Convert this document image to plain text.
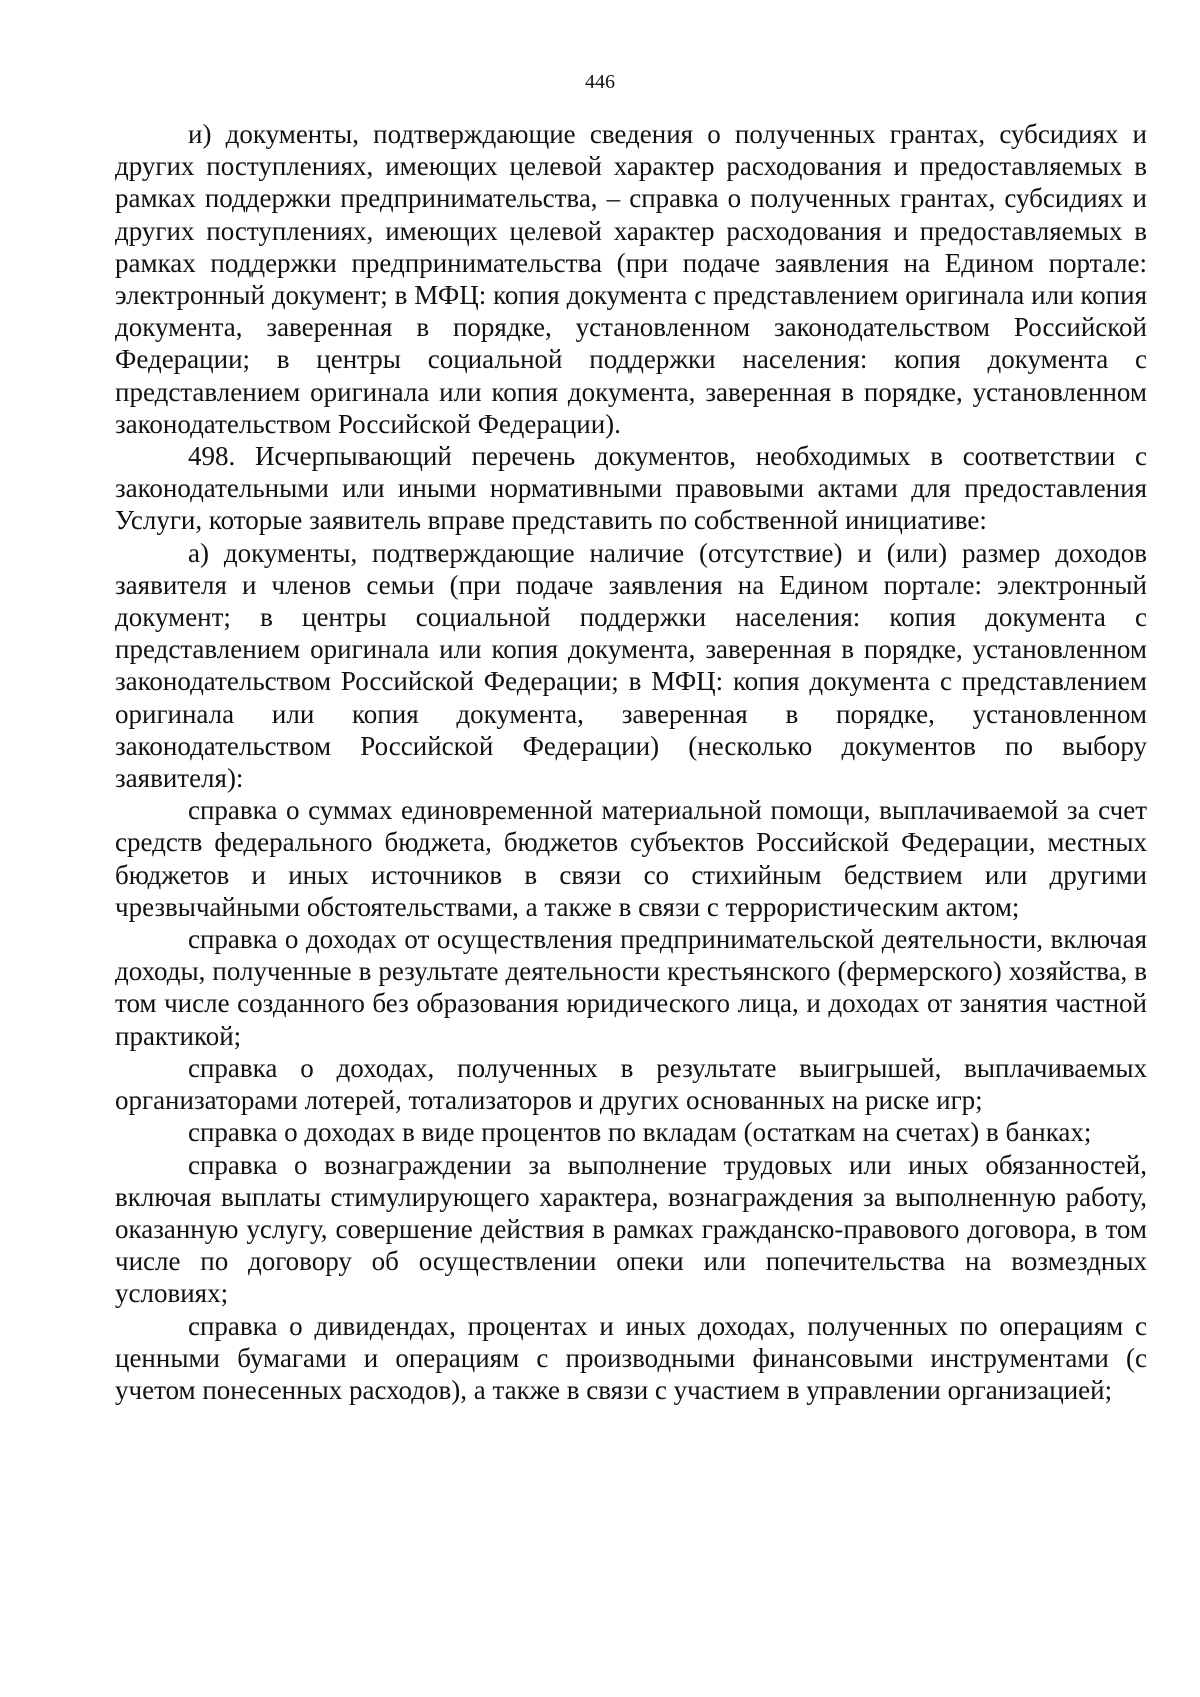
446

и) документы, подтверждающие сведения о полученных грантах, субсидиях и других поступлениях, имеющих целевой характер расходования и предоставляемых в рамках поддержки предпринимательства, – справка о полученных грантах, субсидиях и других поступлениях, имеющих целевой характер расходования и предоставляемых в рамках поддержки предпринимательства (при подаче заявления на Едином портале: электронный документ; в МФЦ: копия документа с представлением оригинала или копия документа, заверенная в порядке, установленном законодательством Российской Федерации; в центры социальной поддержки населения: копия документа с представлением оригинала или копия документа, заверенная в порядке, установленном законодательством Российской Федерации).

498. Исчерпывающий перечень документов, необходимых в соответствии с законодательными или иными нормативными правовыми актами для предоставления Услуги, которые заявитель вправе представить по собственной инициативе:

а) документы, подтверждающие наличие (отсутствие) и (или) размер доходов заявителя и членов семьи (при подаче заявления на Едином портале: электронный документ; в центры социальной поддержки населения: копия документа с представлением оригинала или копия документа, заверенная в порядке, установленном законодательством Российской Федерации; в МФЦ: копия документа с представлением оригинала или копия документа, заверенная в порядке, установленном законодательством Российской Федерации) (несколько документов по выбору заявителя):

справка о суммах единовременной материальной помощи, выплачиваемой за счет средств федерального бюджета, бюджетов субъектов Российской Федерации, местных бюджетов и иных источников в связи со стихийным бедствием или другими чрезвычайными обстоятельствами, а также в связи с террористическим актом;

справка о доходах от осуществления предпринимательской деятельности, включая доходы, полученные в результате деятельности крестьянского (фермерского) хозяйства, в том числе созданного без образования юридического лица, и доходах от занятия частной практикой;

справка о доходах, полученных в результате выигрышей, выплачиваемых организаторами лотерей, тотализаторов и других основанных на риске игр;

справка о доходах в виде процентов по вкладам (остаткам на счетах) в банках;

справка о вознаграждении за выполнение трудовых или иных обязанностей, включая выплаты стимулирующего характера, вознаграждения за выполненную работу, оказанную услугу, совершение действия в рамках гражданско-правового договора, в том числе по договору об осуществлении опеки или попечительства на возмездных условиях;

справка о дивидендах, процентах и иных доходах, полученных по операциям с ценными бумагами и операциям с производными финансовыми инструментами (с учетом понесенных расходов), а также в связи с участием в управлении организацией;
